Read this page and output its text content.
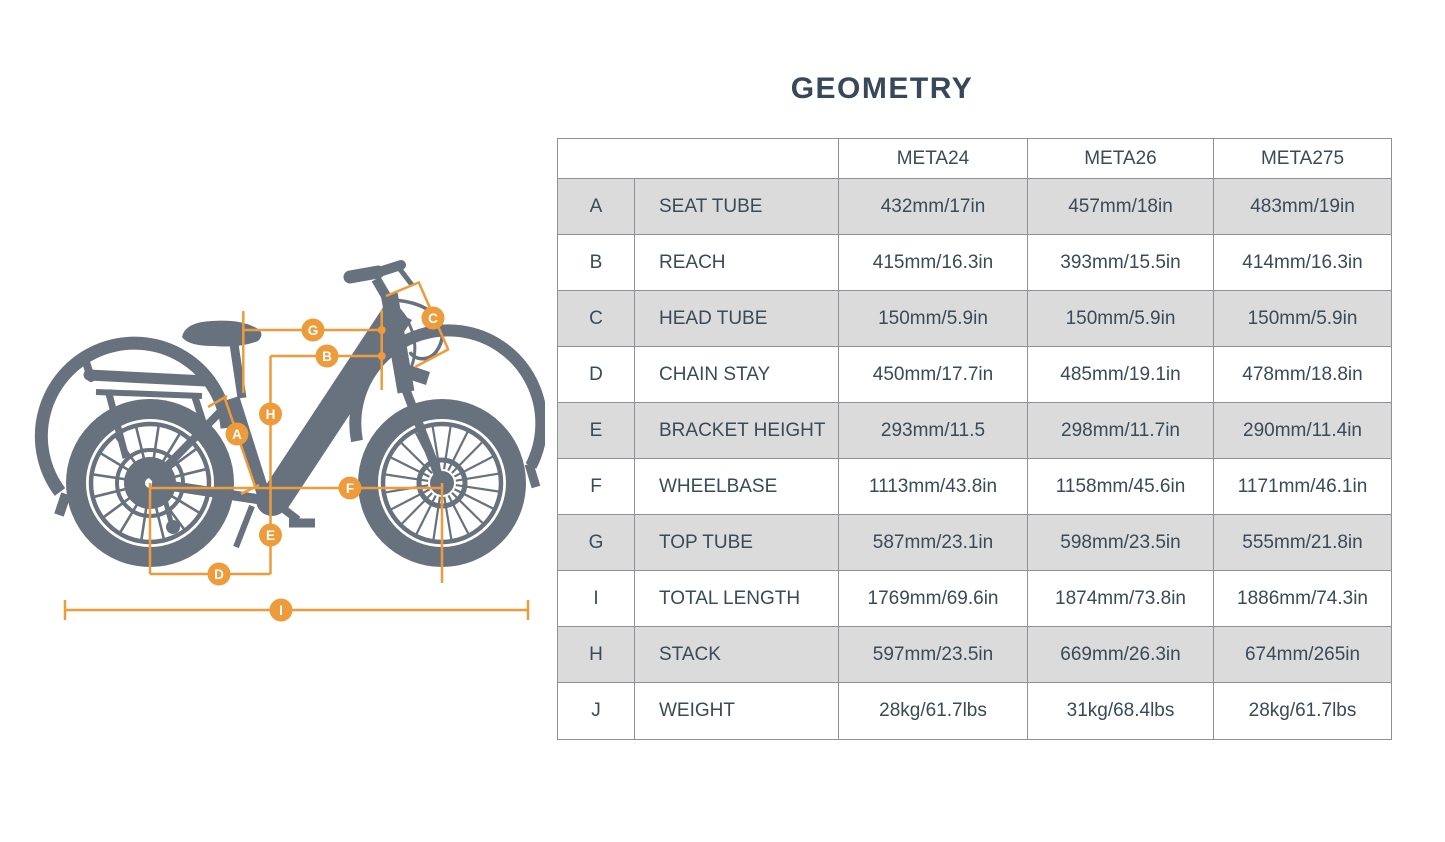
GEOMETRY
A
B
C
D
E
F
G
H
I
META24	META26	META275
A	SEAT TUBE	432mm/17in	457mm/18in	483mm/19in
B	REACH	415mm/16.3in	393mm/15.5in	414mm/16.3in
C	HEAD TUBE	150mm/5.9in	150mm/5.9in	150mm/5.9in
D	CHAIN STAY	450mm/17.7in	485mm/19.1in	478mm/18.8in
E	BRACKET HEIGHT	293mm/11.5	298mm/11.7in	290mm/11.4in
F	WHEELBASE	1113mm/43.8in	1158mm/45.6in	1171mm/46.1in
G	TOP TUBE	587mm/23.1in	598mm/23.5in	555mm/21.8in
I	TOTAL LENGTH	1769mm/69.6in	1874mm/73.8in	1886mm/74.3in
H	STACK	597mm/23.5in	669mm/26.3in	674mm/265in
J	WEIGHT	28kg/61.7lbs	31kg/68.4lbs	28kg/61.7lbs
